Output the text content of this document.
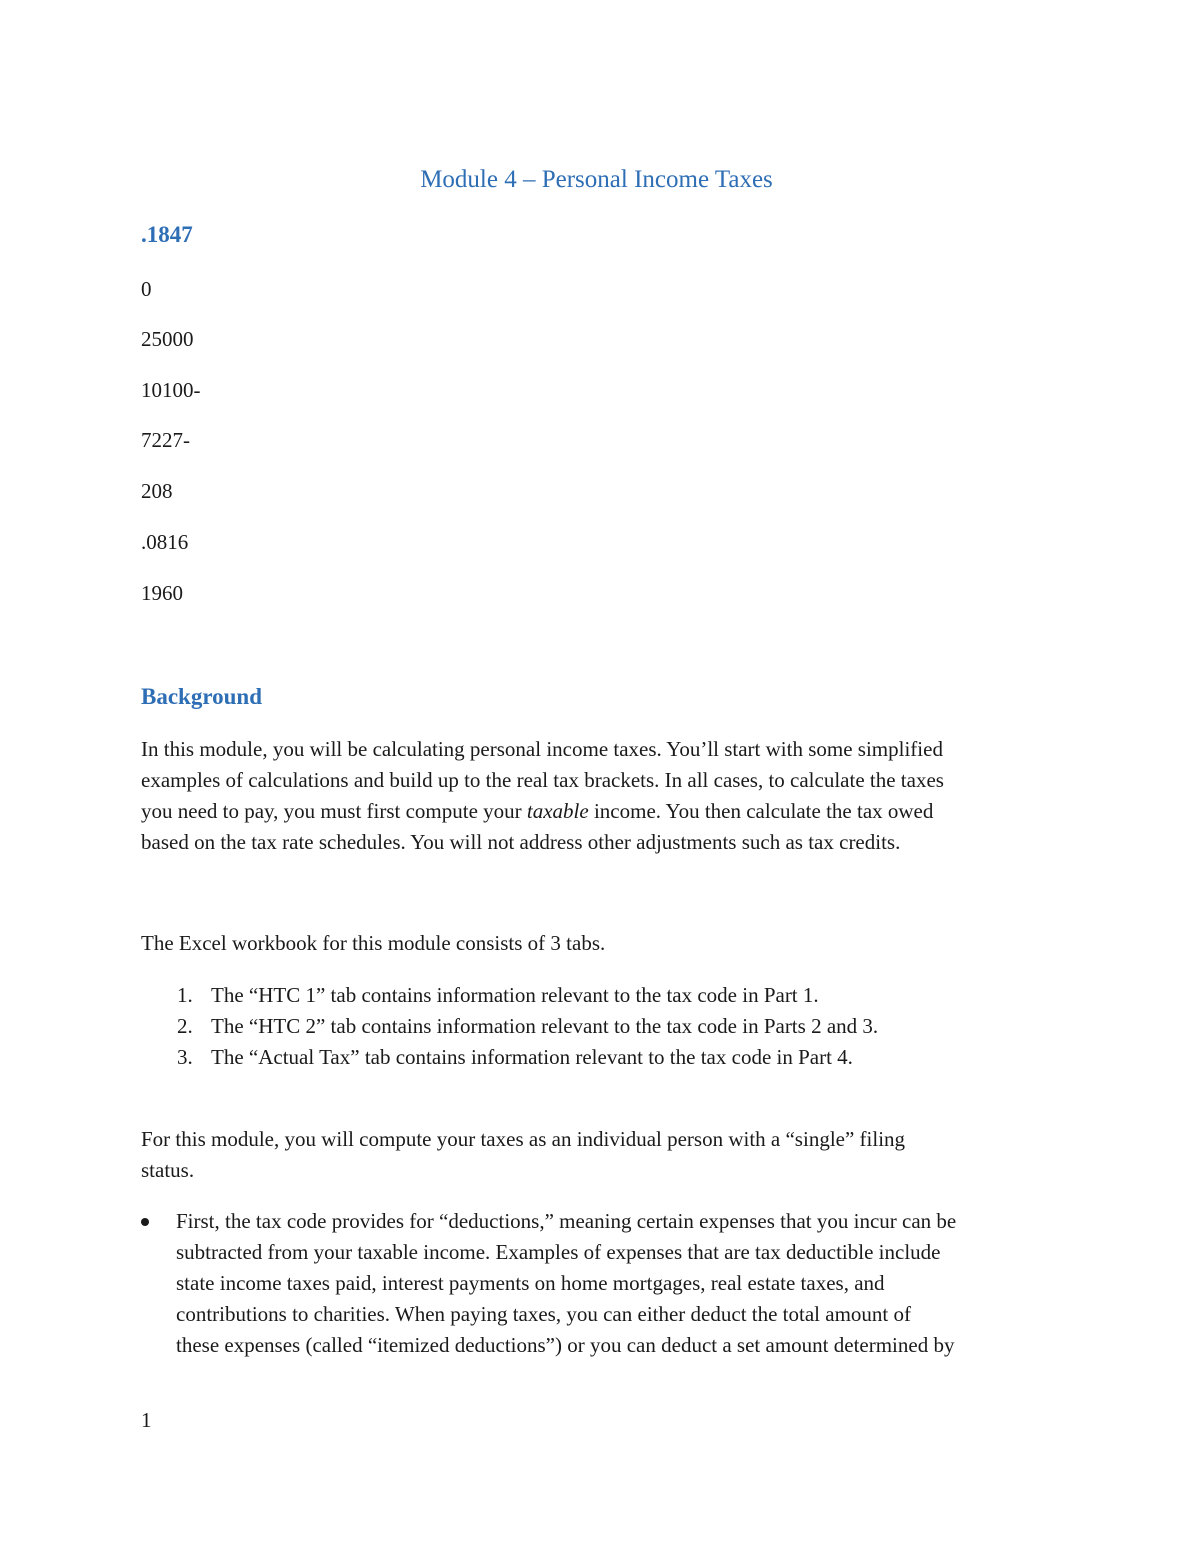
Module 4 – Personal Income Taxes
.1847
0
25000
10100-
7227-
208
.0816
1960
Background
In this module, you will be calculating personal income taxes. You’ll start with some simplified
examples of calculations and build up to the real tax brackets. In all cases, to calculate the taxes
you need to pay, you must first compute your taxable income. You then calculate the tax owed
based on the tax rate schedules. You will not address other adjustments such as tax credits.
The Excel workbook for this module consists of 3 tabs.
1. The “HTC 1” tab contains information relevant to the tax code in Part 1.
2. The “HTC 2” tab contains information relevant to the tax code in Parts 2 and 3.
3. The “Actual Tax” tab contains information relevant to the tax code in Part 4.
For this module, you will compute your taxes as an individual person with a “single” filing
status.
First, the tax code provides for “deductions,” meaning certain expenses that you incur can be
subtracted from your taxable income. Examples of expenses that are tax deductible include
state income taxes paid, interest payments on home mortgages, real estate taxes, and
contributions to charities. When paying taxes, you can either deduct the total amount of
these expenses (called “itemized deductions”) or you can deduct a set amount determined by
1
